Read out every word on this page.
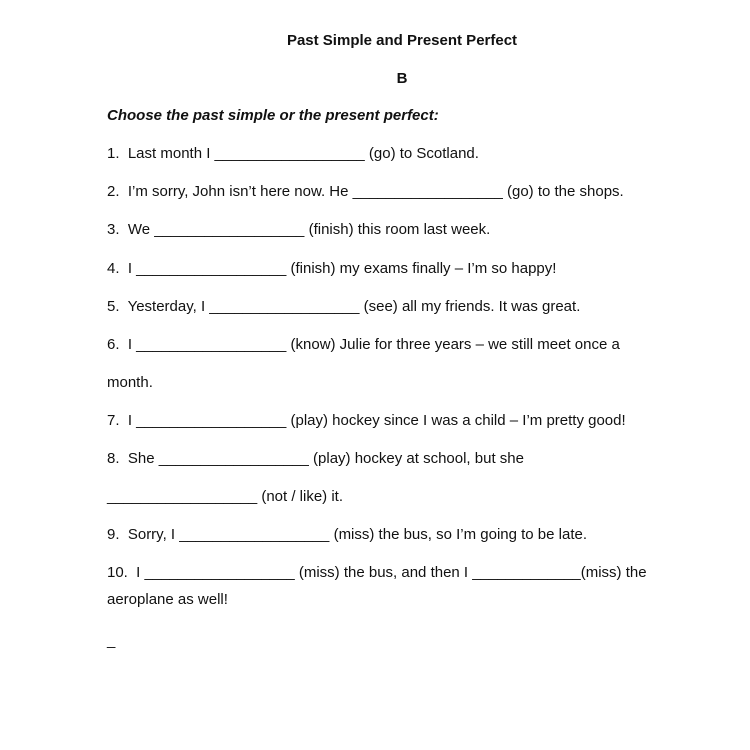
Past Simple and Present Perfect
B
Choose the past simple or the present perfect:
1.  Last month I __________________ (go) to Scotland.
2.  I’m sorry, John isn’t here now. He __________________ (go) to the shops.
3.  We __________________ (finish) this room last week.
4.  I __________________ (finish) my exams finally – I’m so happy!
5.  Yesterday, I __________________ (see) all my friends. It was great.
6.  I __________________ (know) Julie for three years – we still meet once a
month.
7.  I __________________ (play) hockey since I was a child – I’m pretty good!
8.  She __________________ (play) hockey at school, but she
__________________ (not / like) it.
9.  Sorry, I __________________ (miss) the bus, so I’m going to be late.
10.  I __________________ (miss) the bus, and then I _____________(miss) the
aeroplane as well!
_
